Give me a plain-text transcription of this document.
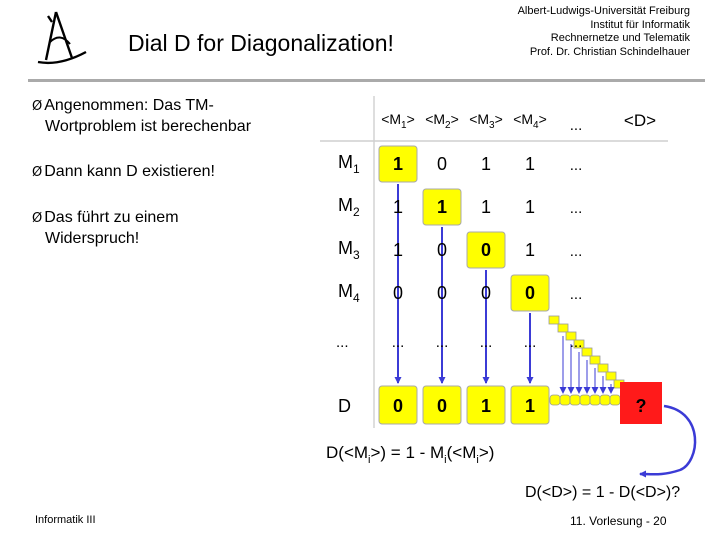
Dial D for Diagonalization!
Albert-Ludwigs-Universität Freiburg
Institut für Informatik
Rechnernetze und Telematik
Prof. Dr. Christian Schindelhauer
Ø Angenommen: Das TM-
Wortproblem ist berechenbar
Ø Dann kann D existieren!
Ø Das führt zu einem
Widerspruch!
$<M_1> <M_2> <M_3> <M_4>$ ... <D>
$M_1$
$M_2$
$M_3$
$M_4$
...
D	?
1 0 1 1 ...
1 1 1 1 ...
1 0 0 1 ...
0 0 0 0 ...
... ... ... ... ...
0 0 1 1
$D(<M_i>) = 1 - M_i(<M_i>)$
D(<D>) = 1 - D(<D>)?
Informatik III	11. Vorlesung - 20
